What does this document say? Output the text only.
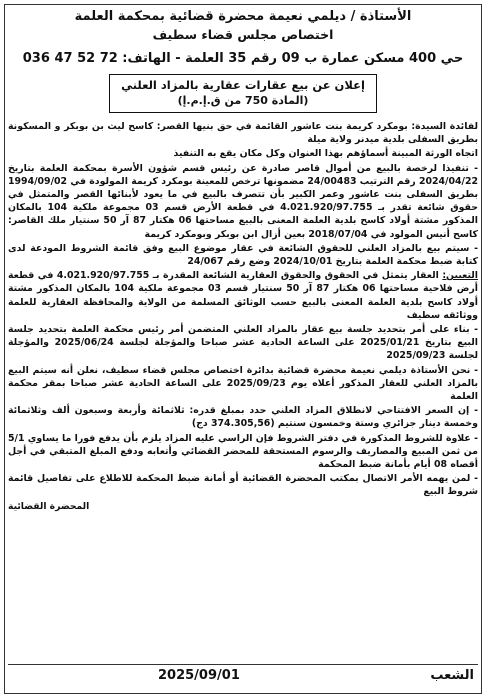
الأستاذة / ديلمي نعيمة محضرة قضائية بمحكمة العلمة
اختصاص مجلس قضاء سطيف
حي 400 مسكن عمارة ب 09 رقم 35 العلمة - الهاتف: 72 52 47 036
إعلان عن بيع عقارات عقارية بالمزاد العلني
(المادة 750 من ق.إ.م.إ)

لفائدة السيدة: بومكرد كريمة بنت عاشور القائمة في حق بنيها القصر: كاسح ليث بن بوبكر و المسكونة بطريق السفلى بلدية ميدنر ولاية ميلة

اتجاه الورثة المبينة أسماؤهم بهذا العنوان وكل مكان يقع به التنفيذ

- تنفيذا لرخصة بالبيع من أموال قاصر صادرة عن رئيس قسم شؤون الأسرة بمحكمة العلمة بتاريخ 2024/04/22 رقم الترتيب 24/00483 مضمونها ترخص للمعينة بومكرد كريمة المولودة في 1994/09/02 بطريق السفلى بنت عاشور وعمر الكبير بأن تتصرف بالبيع في ما يعود لأبنائها القصر والمتمثل في حقوق شائعة تقدر بـ 4.021.920/97.755 في قطعة الأرض قسم 03 مجموعة ملكية 104 بالمكان المذكور مشتة أولاد كاسح بلدية العلمة المعنى بالبيع مساحتها 06 هكتار 87 آر 50 سنتيار ملك القاصر: كاسح أنيس المولود في 2018/07/04 بعين أزال ابن بوبكر وبومكرد كريمة

- سيتم بيع بالمزاد العلني للحقوق الشائعة في عقار موضوع البيع وفق قائمة الشروط المودعة لدى كتابة ضبط محكمة العلمة بتاريخ 2024/10/01 وضع رقم 24/067

التعيين: العقار يتمثل في الحقوق والحقوق العقارية الشائعة المقدرة بـ 4.021.920/97.755 في قطعة أرض فلاحية مساحتها 06 هكتار 87 آر 50 سنتيار قسم 03 مجموعة ملكية 104 بالمكان المذكور مشتة أولاد كاسح بلدية العلمة المعنى بالبيع حسب الوثائق المسلمة من الولاية والمحافظة العقارية للعلمة ووثائقه سطيف

- بناء على أمر بتحديد جلسة بيع عقار بالمزاد العلني المتضمن أمر رئيس محكمة العلمة بتحديد جلسة البيع بتاريخ 2025/01/21 على الساعة الحادية عشر صباحا والمؤجلة لجلسة 2025/06/24 والمؤجلة لجلسة 2025/09/23

- نحن الأستاذة ديلمي نعيمة محضرة قضائية بدائرة اختصاص مجلس قضاء سطيف، نعلن أنه سيتم البيع بالمزاد العلني للعقار المذكور أعلاه يوم 2025/09/23 على الساعة الحادية عشر صباحا بمقر محكمة العلمة

- إن السعر الافتتاحي لانطلاق المزاد العلني حدد بمبلغ قدره: ثلاثمائة وأربعة وسبعون ألف وثلاثمائة وخمسة دينار جزائري وستة وخمسون سنتيم (374.305,56 دج)

- علاوة للشروط المذكورة في دفتر الشروط فإن الراسي عليه المزاد يلزم بأن يدفع فورا ما يساوي 5/1 من ثمن المبيع والمصاريف والرسوم المستحقة للمحضر القضائي وأتعابه ودفع المبلغ المتبقي في أجل أقصاه 08 أيام بأمانة ضبط المحكمة

- لمن يهمه الأمر الاتصال بمكتب المحضرة القضائية أو أمانة ضبط المحكمة للاطلاع على تفاصيل قائمة شروط البيع

المحضرة القضائية
2025/09/01	الشعب
